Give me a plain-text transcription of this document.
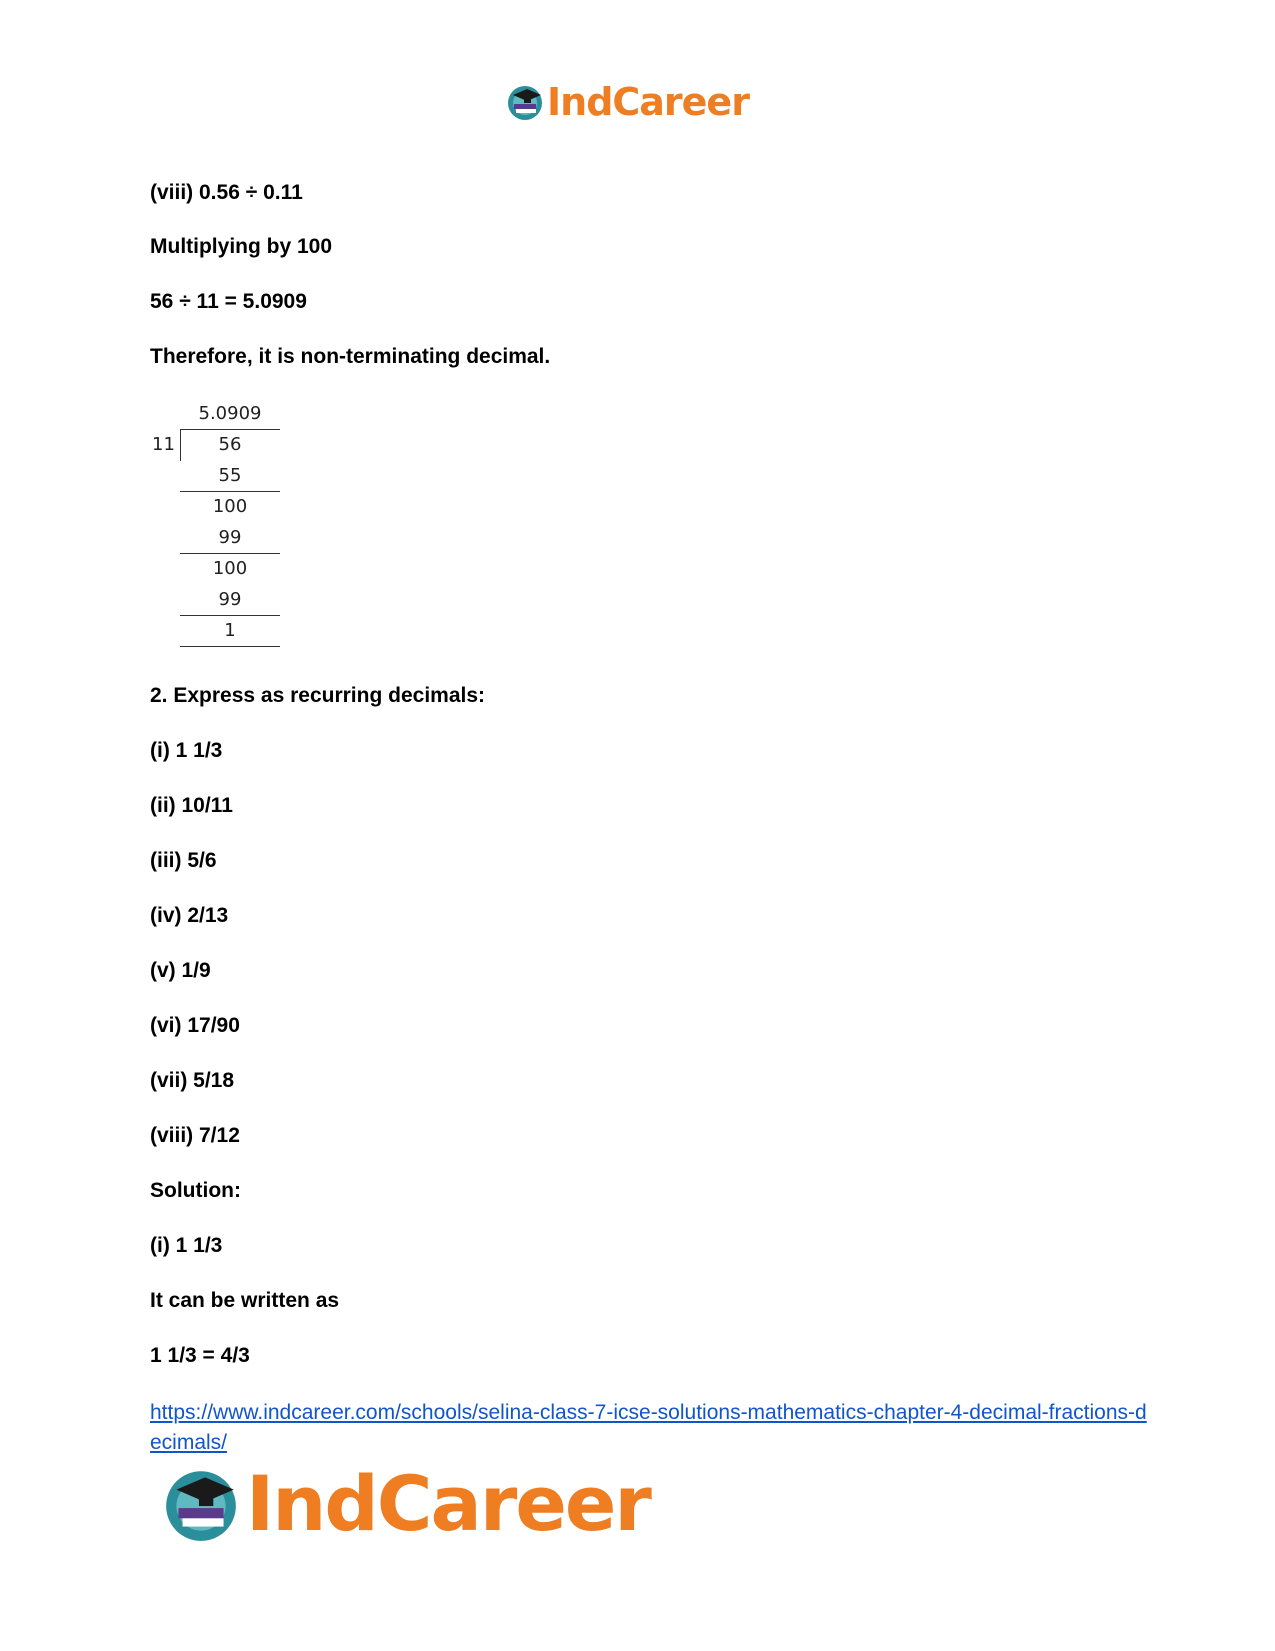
IndCareer
(viii) 0.56 ÷ 0.11
Multiplying by 100
56 ÷ 11 = 5.0909
Therefore, it is non-terminating decimal.
5.0909
11	56
55
100
99
100
99
1
2. Express as recurring decimals:
(i) 1 1/3
(ii) 10/11
(iii) 5/6
(iv) 2/13
(v) 1/9
(vi) 17/90
(vii) 5/18
(viii) 7/12
Solution:
(i) 1 1/3
It can be written as
1 1/3 = 4/3
https://www.indcareer.com/schools/selina-class-7-icse-solutions-mathematics-chapter-4-decimal-fractions-decimals/
IndCareer
